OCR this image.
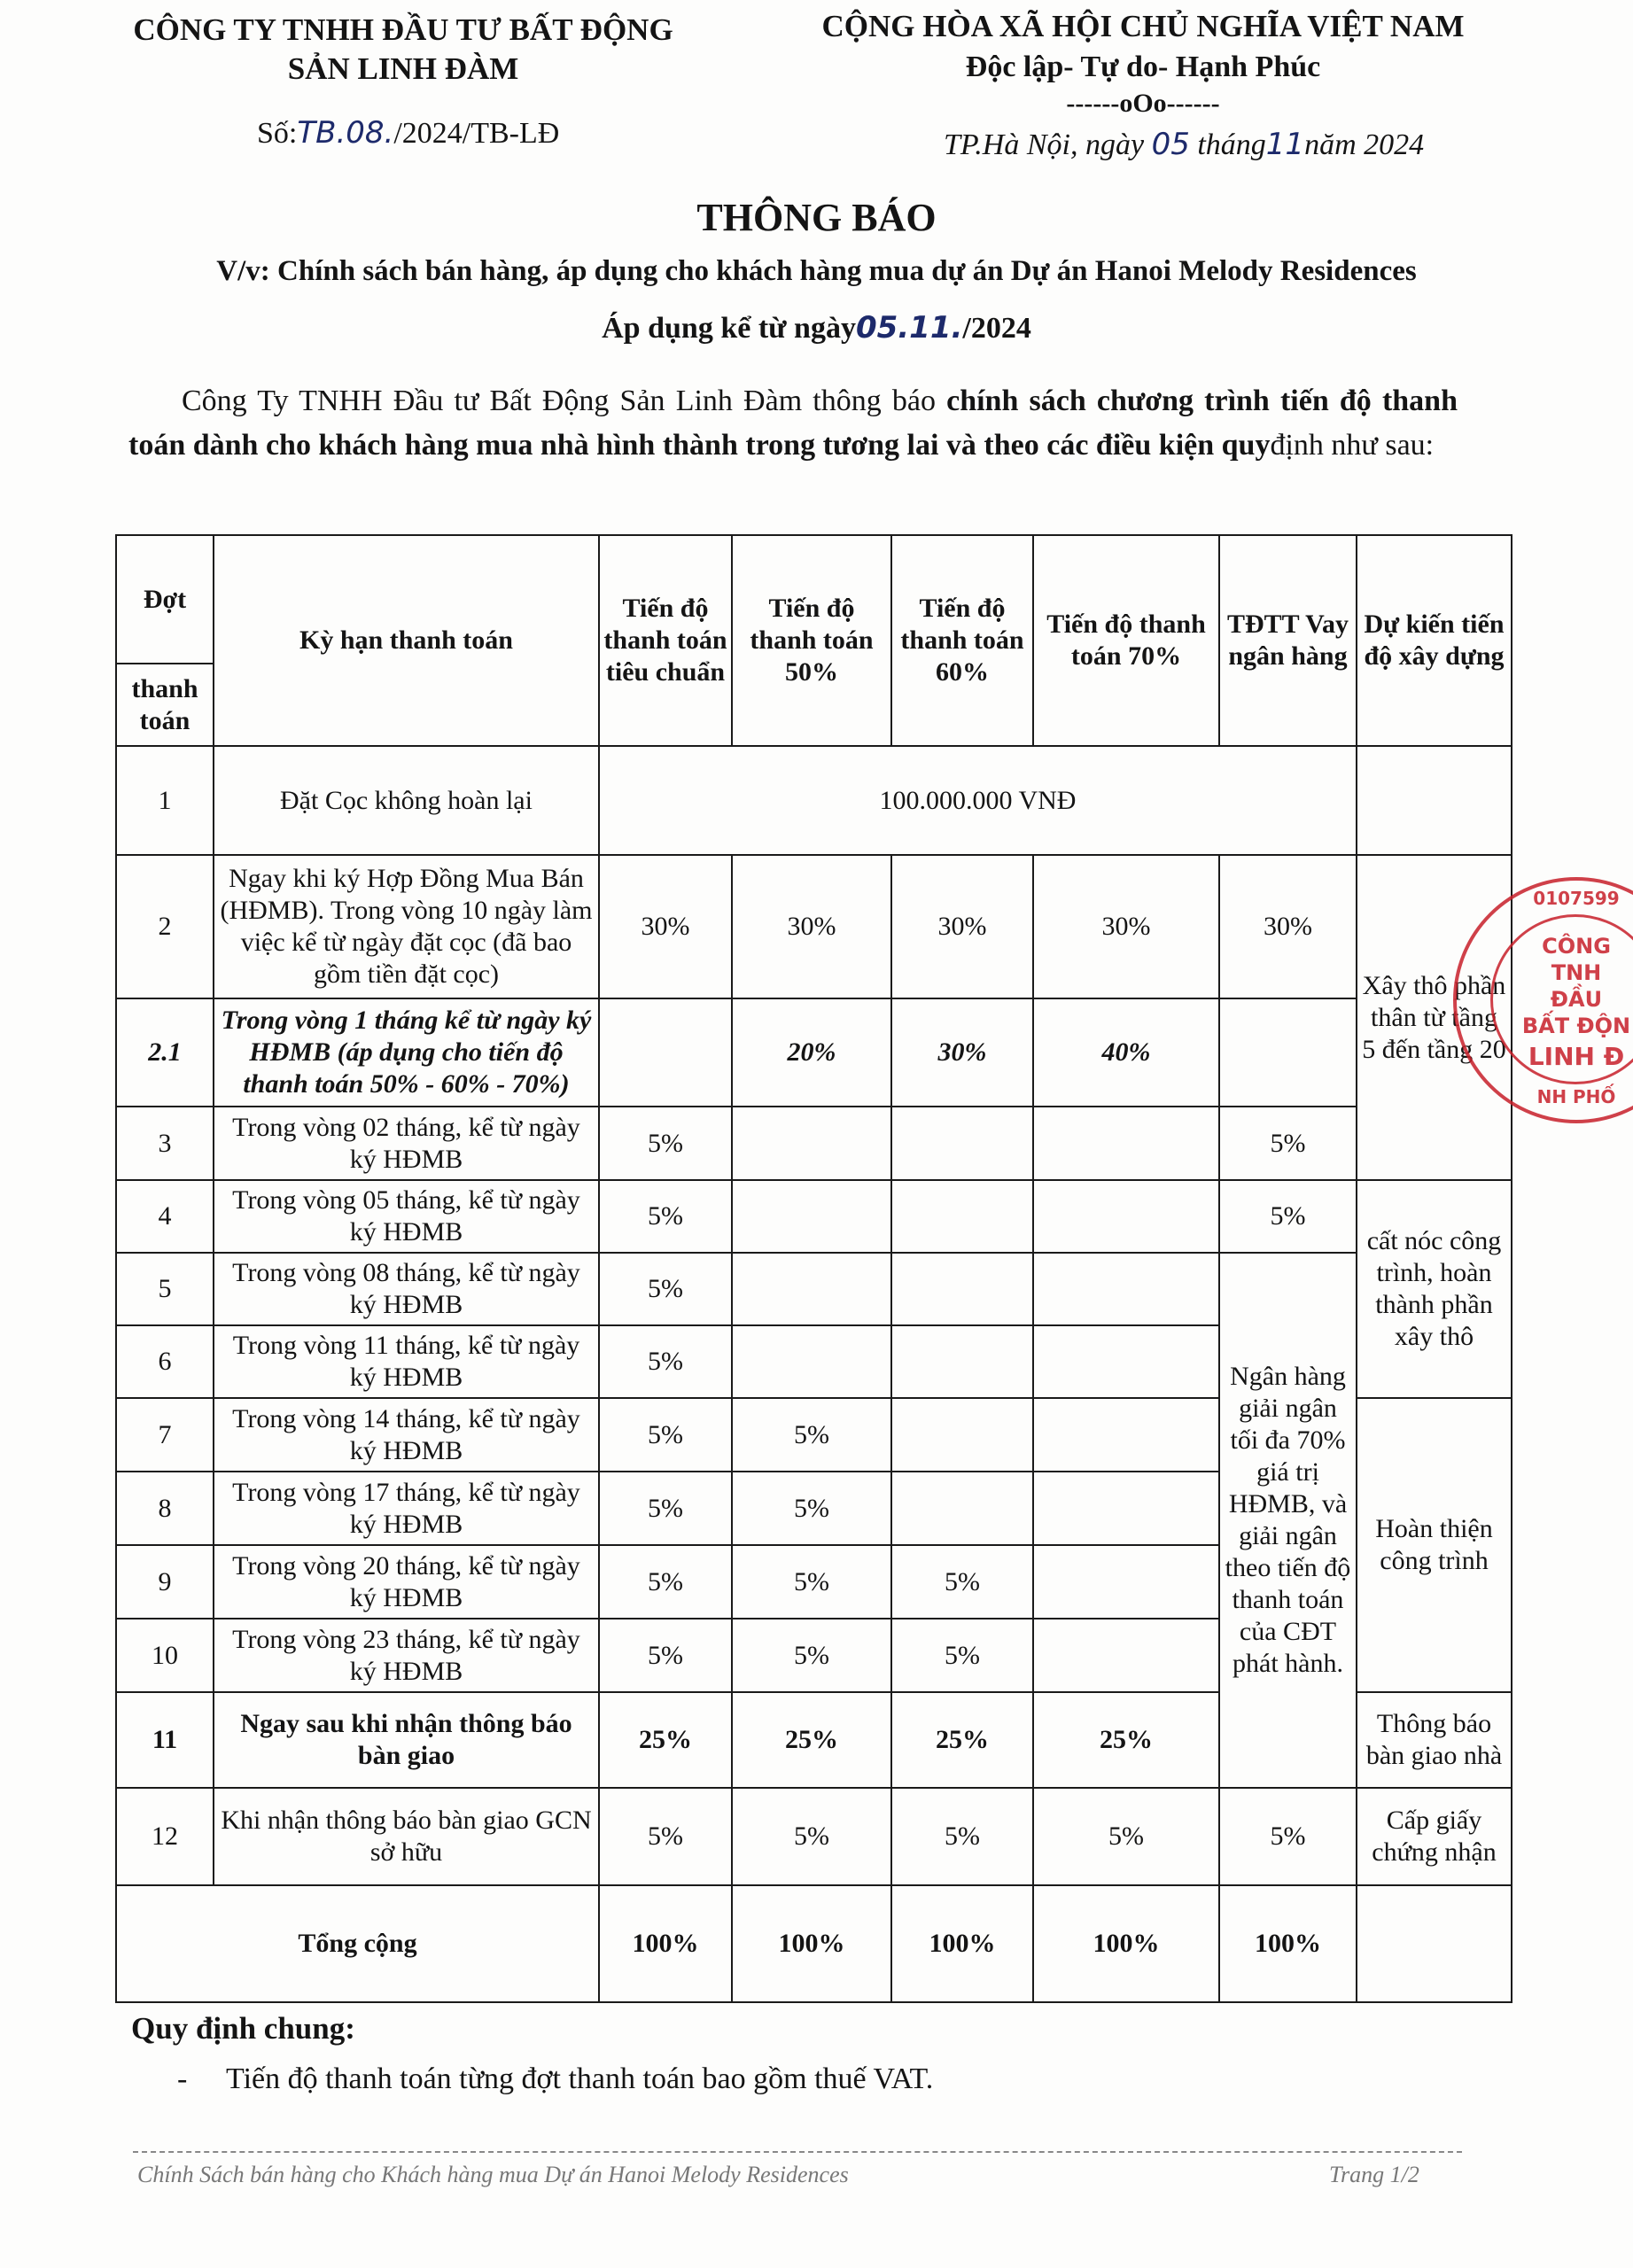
CÔNG TY TNHH ĐẦU TƯ BẤT ĐỘNG
SẢN LINH ĐÀM
Số:TB.08./2024/TB-LĐ
CỘNG HÒA XÃ HỘI CHỦ NGHĨA VIỆT NAM
Độc lập- Tự do- Hạnh Phúc
------oOo------
TP.Hà Nội, ngày 05 tháng11năm 2024
THÔNG BÁO
V/v: Chính sách bán hàng, áp dụng cho khách hàng mua dự án Dự án Hanoi Melody Residences
Áp dụng kể từ ngày05.11./2024
Công Ty TNHH Đầu tư Bất Động Sản Linh Đàm thông báo chính sách chương trình tiến độ thanh toán dành cho khách hàng mua nhà hình thành trong tương lai và theo các điều kiện quyđịnh như sau:
Đợt	Kỳ hạn thanh toán	Tiến độ thanh toán tiêu chuẩn	Tiến độ thanh toán 50%	Tiến độ thanh toán 60%	Tiến độ thanh toán 70%	TĐTT Vay ngân hàng	Dự kiến tiến độ xây dựng
thanh toán							
1	Đặt Cọc không hoàn lại	100.000.000 VNĐ					
2	Ngay khi ký Hợp Đồng Mua Bán (HĐMB). Trong vòng 10 ngày làm việc kể từ ngày đặt cọc (đã bao gồm tiền đặt cọc)	30%	30%	30%	30%	30%	Xây thô phần thân từ tầng 5 đến tầng 20
2.1	Trong vòng 1 tháng kể từ ngày ký HĐMB (áp dụng cho tiến độ thanh toán 50% - 60% - 70%)		20%	30%	40%		
3	Trong vòng 02 tháng, kể từ ngày ký HĐMB	5%				5%	
4	Trong vòng 05 tháng, kể từ ngày ký HĐMB	5%				5%	cất nóc công trình, hoàn thành phần xây thô
5	Trong vòng 08 tháng, kể từ ngày ký HĐMB	5%				Ngân hàng giải ngân tối đa 70% giá trị HĐMB, và giải ngân theo tiến độ thanh toán của CĐT phát hành.	
6	Trong vòng 11 tháng, kể từ ngày ký HĐMB	5%					
7	Trong vòng 14 tháng, kể từ ngày ký HĐMB	5%	5%				Hoàn thiện công trình
8	Trong vòng 17 tháng, kể từ ngày ký HĐMB	5%	5%				
9	Trong vòng 20 tháng, kể từ ngày ký HĐMB	5%	5%	5%			
10	Trong vòng 23 tháng, kể từ ngày ký HĐMB	5%	5%	5%			
11	Ngay sau khi nhận thông báo bàn giao	25%	25%	25%	25%		Thông báo bàn giao nhà
12	Khi nhận thông báo bàn giao GCN sở hữu	5%	5%	5%	5%	5%	Cấp giấy chứng nhận
Tổng cộng		100%	100%	100%	100%	100%	
0107599
CÔNG
TNH
ĐẦU
BẤT ĐỘN
LINH Đ
NH PHỐ
Quy định chung:
- Tiến độ thanh toán từng đợt thanh toán bao gồm thuế VAT.
Chính Sách bán hàng cho Khách hàng mua Dự án Hanoi Melody Residences	Trang 1/2
